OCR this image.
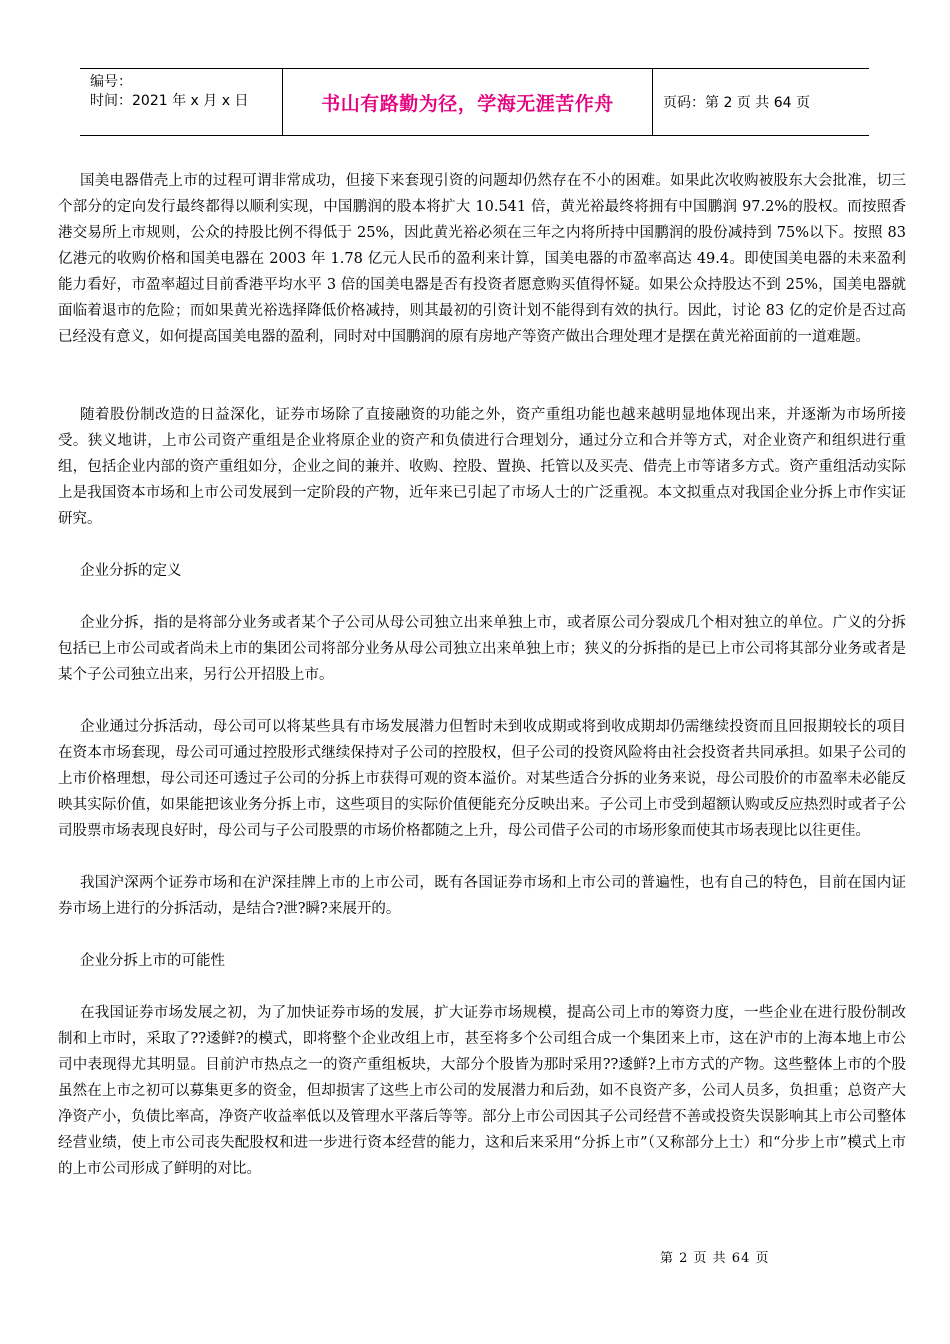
编号：
时间：2021 年 x 月 x 日	书山有路勤为径，学海无涯苦作舟	页码：第 2 页 共 64 页

国美电器借壳上市的过程可谓非常成功，但接下来套现引资的问题却仍然存在不小的困难。如果此次收购被股东大会批准，切三个部分的定向发行最终都得以顺利实现，中国鹏润的股本将扩大 10.541 倍，黄光裕最终将拥有中国鹏润 97.2%的股权。而按照香港交易所上市规则，公众的持股比例不得低于 25%，因此黄光裕必须在三年之内将所持中国鹏润的股份减持到 75%以下。按照 83 亿港元的收购价格和国美电器在 2003 年 1.78 亿元人民币的盈利来计算，国美电器的市盈率高达 49.4。即使国美电器的未来盈利能力看好，市盈率超过目前香港平均水平 3 倍的国美电器是否有投资者愿意购买值得怀疑。如果公众持股达不到 25%，国美电器就面临着退市的危险；而如果黄光裕选择降低价格减持，则其最初的引资计划不能得到有效的执行。因此，讨论 83 亿的定价是否过高已经没有意义，如何提高国美电器的盈利，同时对中国鹏润的原有房地产等资产做出合理处理才是摆在黄光裕面前的一道难题。

随着股份制改造的日益深化，证券市场除了直接融资的功能之外，资产重组功能也越来越明显地体现出来，并逐渐为市场所接受。狭义地讲，上市公司资产重组是企业将原企业的资产和负债进行合理划分，通过分立和合并等方式，对企业资产和组织进行重组，包括企业内部的资产重组如分，企业之间的兼并、收购、控股、置换、托管以及买壳、借壳上市等诸多方式。资产重组活动实际上是我国资本市场和上市公司发展到一定阶段的产物，近年来已引起了市场人士的广泛重视。本文拟重点对我国企业分拆上市作实证研究。

企业分拆的定义

企业分拆，指的是将部分业务或者某个子公司从母公司独立出来单独上市，或者原公司分裂成几个相对独立的单位。广义的分拆包括已上市公司或者尚未上市的集团公司将部分业务从母公司独立出来单独上市；狭义的分拆指的是已上市公司将其部分业务或者是某个子公司独立出来，另行公开招股上市。

企业通过分拆活动，母公司可以将某些具有市场发展潜力但暂时未到收成期或将到收成期却仍需继续投资而且回报期较长的项目在资本市场套现，母公司可通过控股形式继续保持对子公司的控股权，但子公司的投资风险将由社会投资者共同承担。如果子公司的上市价格理想，母公司还可透过子公司的分拆上市获得可观的资本溢价。对某些适合分拆的业务来说，母公司股价的市盈率未必能反映其实际价值，如果能把该业务分拆上市，这些项目的实际价值便能充分反映出来。子公司上市受到超额认购或反应热烈时或者子公司股票市场表现良好时，母公司与子公司股票的市场价格都随之上升，母公司借子公司的市场形象而使其市场表现比以往更佳。

我国沪深两个证券市场和在沪深挂牌上市的上市公司，既有各国证券市场和上市公司的普遍性，也有自己的特色，目前在国内证券市场上进行的分拆活动，是结合?泄?瞬?来展开的。

企业分拆上市的可能性

在我国证券市场发展之初，为了加快证券市场的发展，扩大证券市场规模，提高公司上市的筹资力度，一些企业在进行股份制改制和上市时，采取了??逶鲜?的模式，即将整个企业改组上市，甚至将多个公司组合成一个集团来上市，这在沪市的上海本地上市公司中表现得尤其明显。目前沪市热点之一的资产重组板块，大部分个股皆为那时采用??逶鲜?上市方式的产物。这些整体上市的个股虽然在上市之初可以募集更多的资金，但却损害了这些上市公司的发展潜力和后劲，如不良资产多，公司人员多，负担重；总资产大净资产小，负债比率高，净资产收益率低以及管理水平落后等等。部分上市公司因其子公司经营不善或投资失误影响其上市公司整体经营业绩，使上市公司丧失配股权和进一步进行资本经营的能力，这和后来采用“分拆上市”（又称部分上士）和“分步上市”模式上市的上市公司形成了鲜明的对比。

第 2 页 共 64 页
